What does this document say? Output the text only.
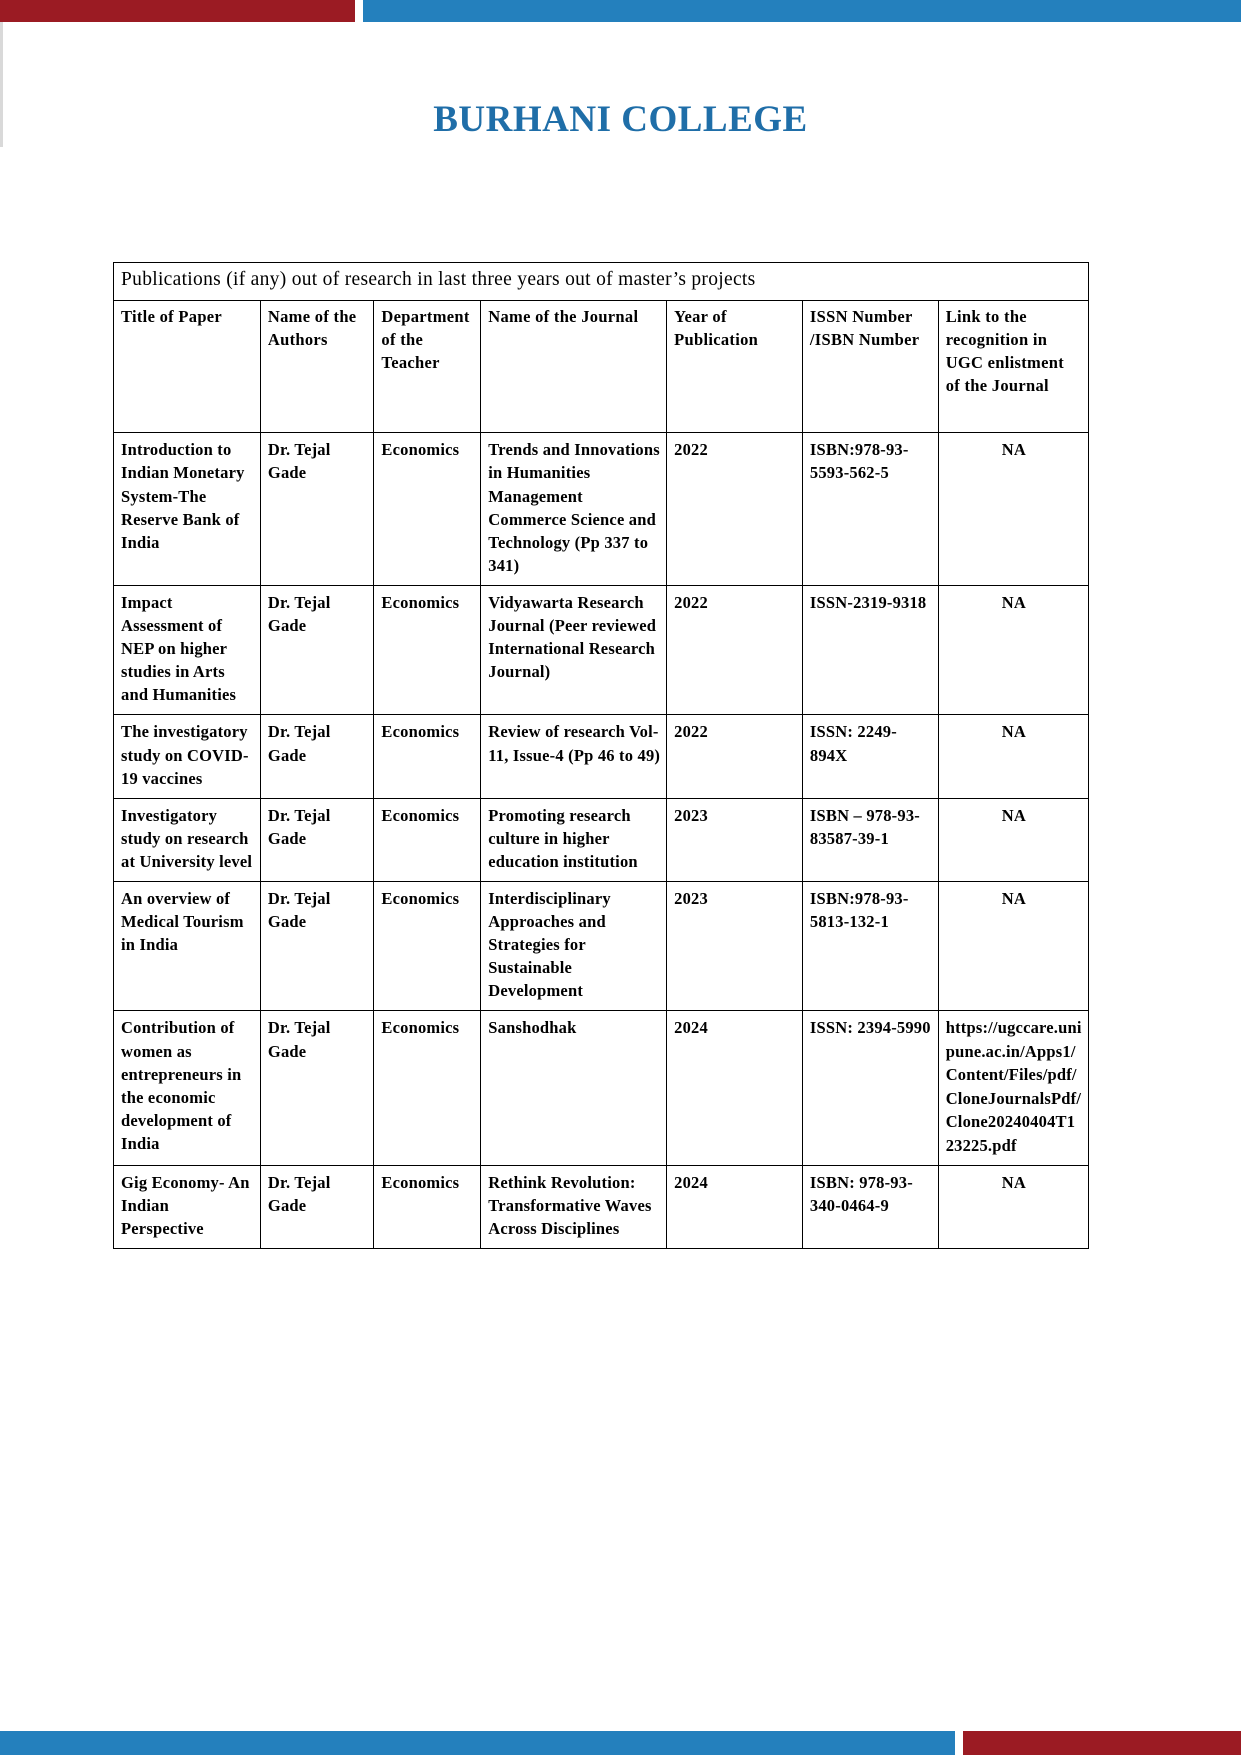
BURHANI COLLEGE
Publications (if any) out of research in last three years out of master’s projects						
Title of Paper	Name of the Authors	Department of the Teacher	Name of the Journal	Year of Publication	ISSN Number /ISBN Number	Link to the recognition in UGC enlistment of the Journal
Introduction to Indian Monetary System-The Reserve Bank of India	Dr. Tejal Gade	Economics	Trends and Innovations in Humanities Management Commerce Science and Technology (Pp 337 to 341)	2022	ISBN:978-93-5593-562-5	NA
Impact Assessment of NEP on higher studies in Arts and Humanities	Dr. Tejal Gade	Economics	Vidyawarta Research Journal (Peer reviewed International Research Journal)	2022	ISSN-2319-9318	NA
The investigatory study on COVID-19 vaccines	Dr. Tejal Gade	Economics	Review of research Vol-11, Issue-4 (Pp 46 to 49)	2022	ISSN: 2249-894X	NA
Investigatory study on research at University level	Dr. Tejal Gade	Economics	Promoting research culture in higher education institution	2023	ISBN – 978-93-83587-39-1	NA
An overview of Medical Tourism in India	Dr. Tejal Gade	Economics	Interdisciplinary Approaches and Strategies for Sustainable Development	2023	ISBN:978-93-5813-132-1	NA
Contribution of women as entrepreneurs in the economic development of India	Dr. Tejal Gade	Economics	Sanshodhak	2024	ISSN: 2394-5990	https://ugccare.unipune.ac.in/Apps1/Content/Files/pdf/CloneJournalsPdf/Clone20240404T123225.pdf
Gig Economy- An Indian Perspective	Dr. Tejal Gade	Economics	Rethink Revolution: Transformative Waves Across Disciplines	2024	ISBN: 978-93-340-0464-9	NA
